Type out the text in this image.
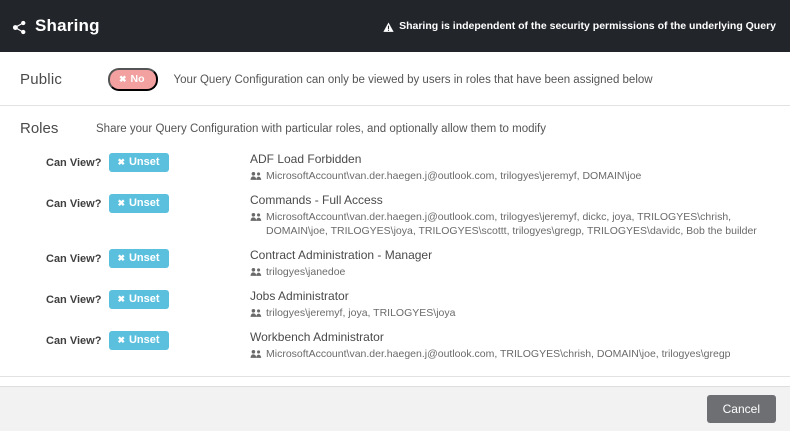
Sharing	Sharing is independent of the security permissions of the underlying Query
Public	✖ No	Your Query Configuration can only be viewed by users in roles that have been assigned below
Roles	Share your Query Configuration with particular roles, and optionally allow them to modify
Can View? ✖ Unset	ADF Load Forbidden
MicrosoftAccount\van.der.haegen.j@outlook.com, trilogyes\jeremyf, DOMAIN\joe
Can View? ✖ Unset	Commands - Full Access
MicrosoftAccount\van.der.haegen.j@outlook.com, trilogyes\jeremyf, dickc, joya, TRILOGYES\chrish, DOMAIN\joe, TRILOGYES\joya, TRILOGYES\scottt, trilogyes\gregp, TRILOGYES\davidc, Bob the builder
Can View? ✖ Unset	Contract Administration - Manager
trilogyes\janedoe
Can View? ✖ Unset	Jobs Administrator
trilogyes\jeremyf, joya, TRILOGYES\joya
Can View? ✖ Unset	Workbench Administrator
MicrosoftAccount\van.der.haegen.j@outlook.com, TRILOGYES\chrish, DOMAIN\joe, trilogyes\gregp
Cancel
